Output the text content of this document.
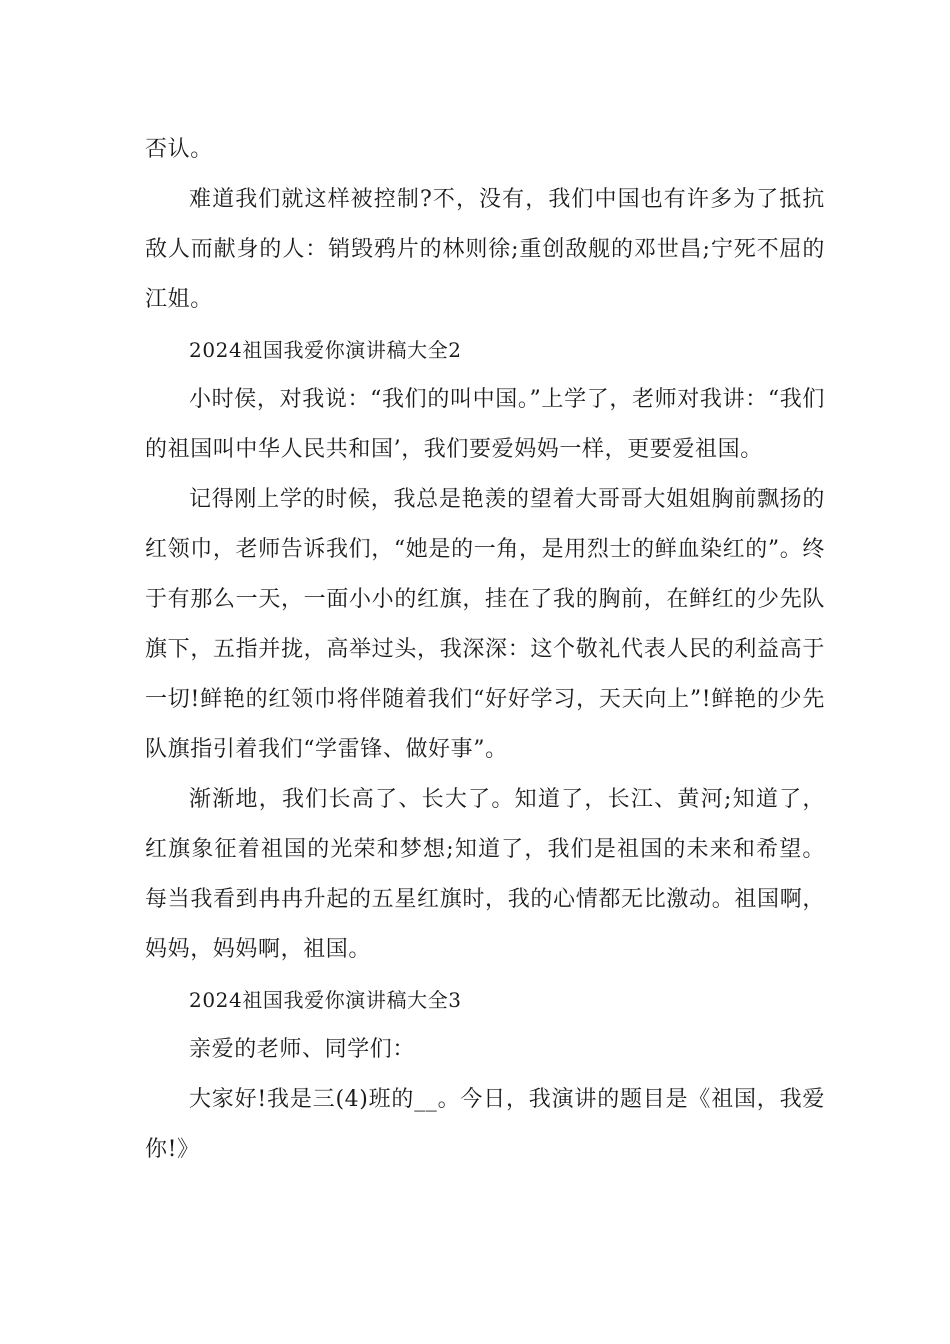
否认。

难道我们就这样被控制?不，没有，我们中国也有许多为了抵抗敌人而献身的人：销毁鸦片的林则徐;重创敌舰的邓世昌;宁死不屈的江姐。

2024祖国我爱你演讲稿大全2

小时侯，对我说：“我们的叫中国。”上学了，老师对我讲：“我们的祖国叫中华人民共和国’，我们要爱妈妈一样，更要爱祖国。

记得刚上学的时候，我总是艳羡的望着大哥哥大姐姐胸前飘扬的红领巾，老师告诉我们，“她是的一角，是用烈士的鲜血染红的”。终于有那么一天，一面小小的红旗，挂在了我的胸前，在鲜红的少先队旗下，五指并拢，高举过头，我深深：这个敬礼代表人民的利益高于一切!鲜艳的红领巾将伴随着我们“好好学习，天天向上”!鲜艳的少先队旗指引着我们“学雷锋、做好事”。

渐渐地，我们长高了、长大了。知道了，长江、黄河;知道了，红旗象征着祖国的光荣和梦想;知道了，我们是祖国的未来和希望。每当我看到冉冉升起的五星红旗时，我的心情都无比激动。祖国啊，妈妈，妈妈啊，祖国。

2024祖国我爱你演讲稿大全3

亲爱的老师、同学们：

大家好!我是三(4)班的__。今日，我演讲的题目是《祖国，我爱你!》
